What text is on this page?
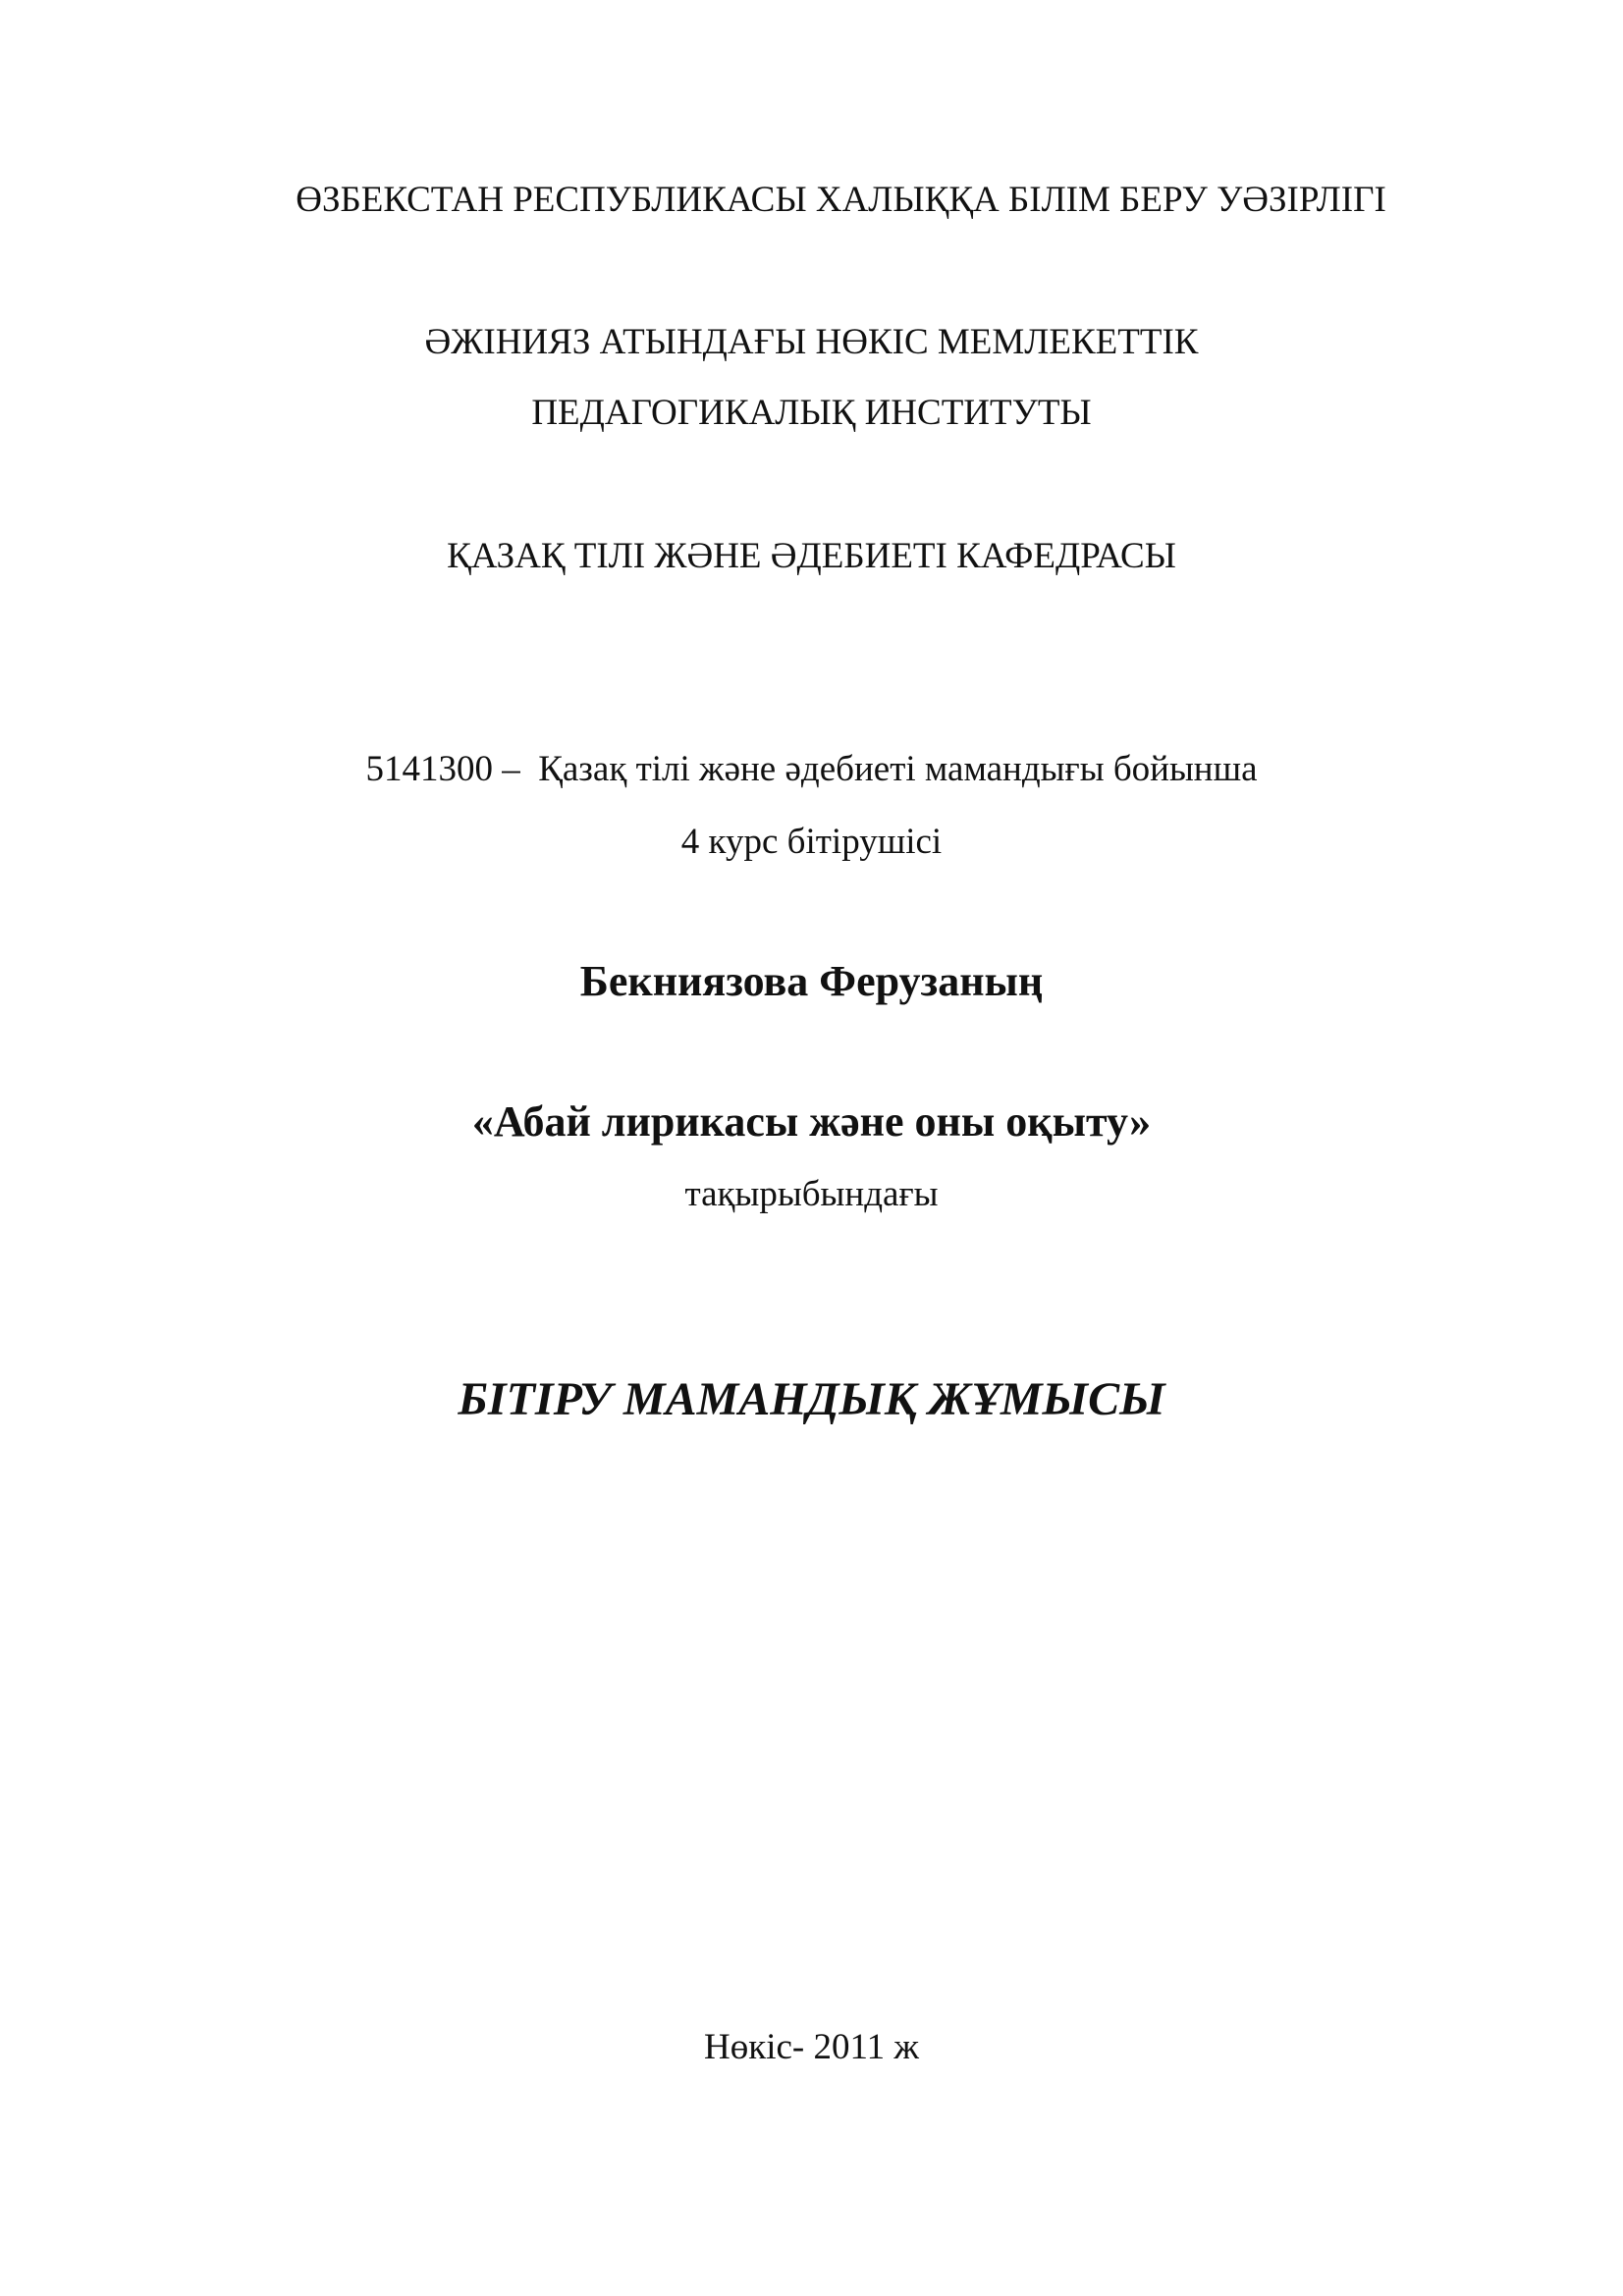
ӨЗБЕКСТАН РЕСПУБЛИКАСЫ ХАЛЫҚҚА БІЛІМ БЕРУ УӘЗІРЛІГІ
ӘЖІНИЯЗ АТЫНДАҒЫ НӨКІС МЕМЛЕКЕТТІК
ПЕДАГОГИКАЛЫҚ ИНСТИТУТЫ
ҚАЗАҚ ТІЛІ ЖӘНЕ ӘДЕБИЕТІ КАФЕДРАСЫ
5141300 –  Қазақ тілі және әдебиеті мамандығы бойынша
4 курс бітірушісі
Бекниязова Ферузаның
«Абай лирикасы және оны оқыту»
тақырыбындағы
БІТІРУ МАМАНДЫҚ ЖҰМЫСЫ
Нөкіс- 2011 ж
